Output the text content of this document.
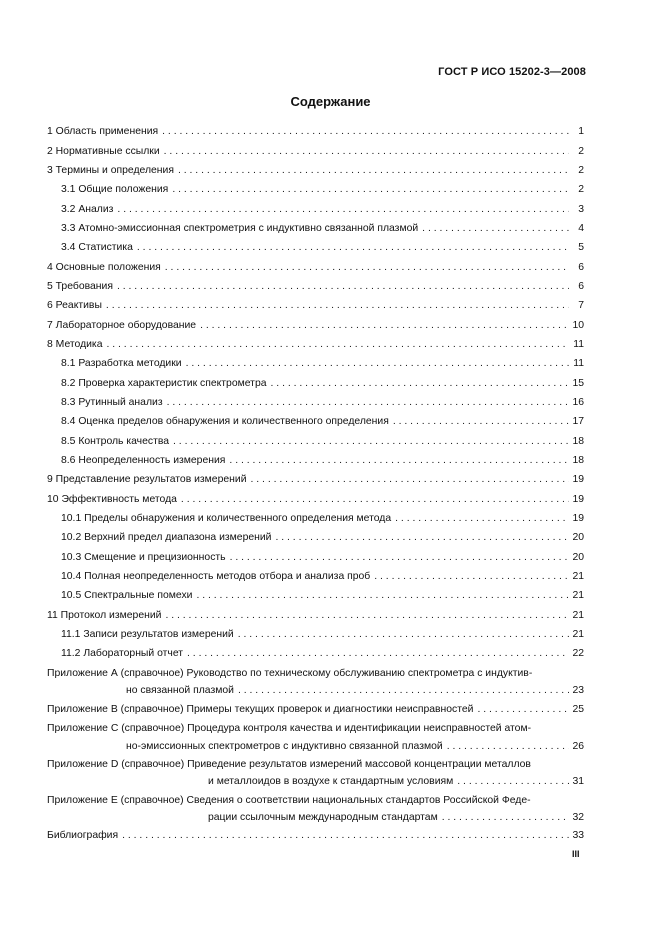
ГОСТ Р ИСО 15202-3—2008
Содержание
1 Область применения . . .	1
2 Нормативные ссылки . . .	2
3 Термины и определения . . .	2
3.1 Общие положения . . .	2
3.2 Анализ . . .	3
3.3 Атомно-эмиссионная спектрометрия с индуктивно связанной плазмой . . .	4
3.4 Статистика . . .	5
4 Основные положения . . .	6
5 Требования . . .	6
6 Реактивы . . .	7
7 Лабораторное оборудование . . .	10
8 Методика . . .	11
8.1 Разработка методики . . .	11
8.2 Проверка характеристик спектрометра . . .	15
8.3 Рутинный анализ . . .	16
8.4 Оценка пределов обнаружения и количественного определения . . .	17
8.5 Контроль качества . . .	18
8.6 Неопределенность измерения . . .	18
9 Представление результатов измерений . . .	19
10 Эффективность метода . . .	19
10.1 Пределы обнаружения и количественного определения метода . . .	19
10.2 Верхний предел диапазона измерений . . .	20
10.3 Смещение и прецизионность . . .	20
10.4 Полная неопределенность методов отбора и анализа проб . . .	21
10.5 Спектральные помехи . . .	21
11 Протокол измерений . . .	21
11.1 Записи результатов измерений . . .	21
11.2 Лабораторный отчет . . .	22
Приложение А (справочное) Руководство по техническому обслуживанию спектрометра с индуктив-
но связанной плазмой . . .	23
Приложение В (справочное) Примеры текущих проверок и диагностики неисправностей . . .	25
Приложение С (справочное) Процедура контроля качества и идентификации неисправностей атом-
но-эмиссионных спектрометров с индуктивно связанной плазмой . . .	26
Приложение D (справочное) Приведение результатов измерений массовой концентрации металлов
и металлоидов в воздухе к стандартным условиям . . .	31
Приложение Е (справочное) Сведения о соответствии национальных стандартов Российской Феде-
рации ссылочным международным стандартам . . .	32
Библиография . . .	33
III
